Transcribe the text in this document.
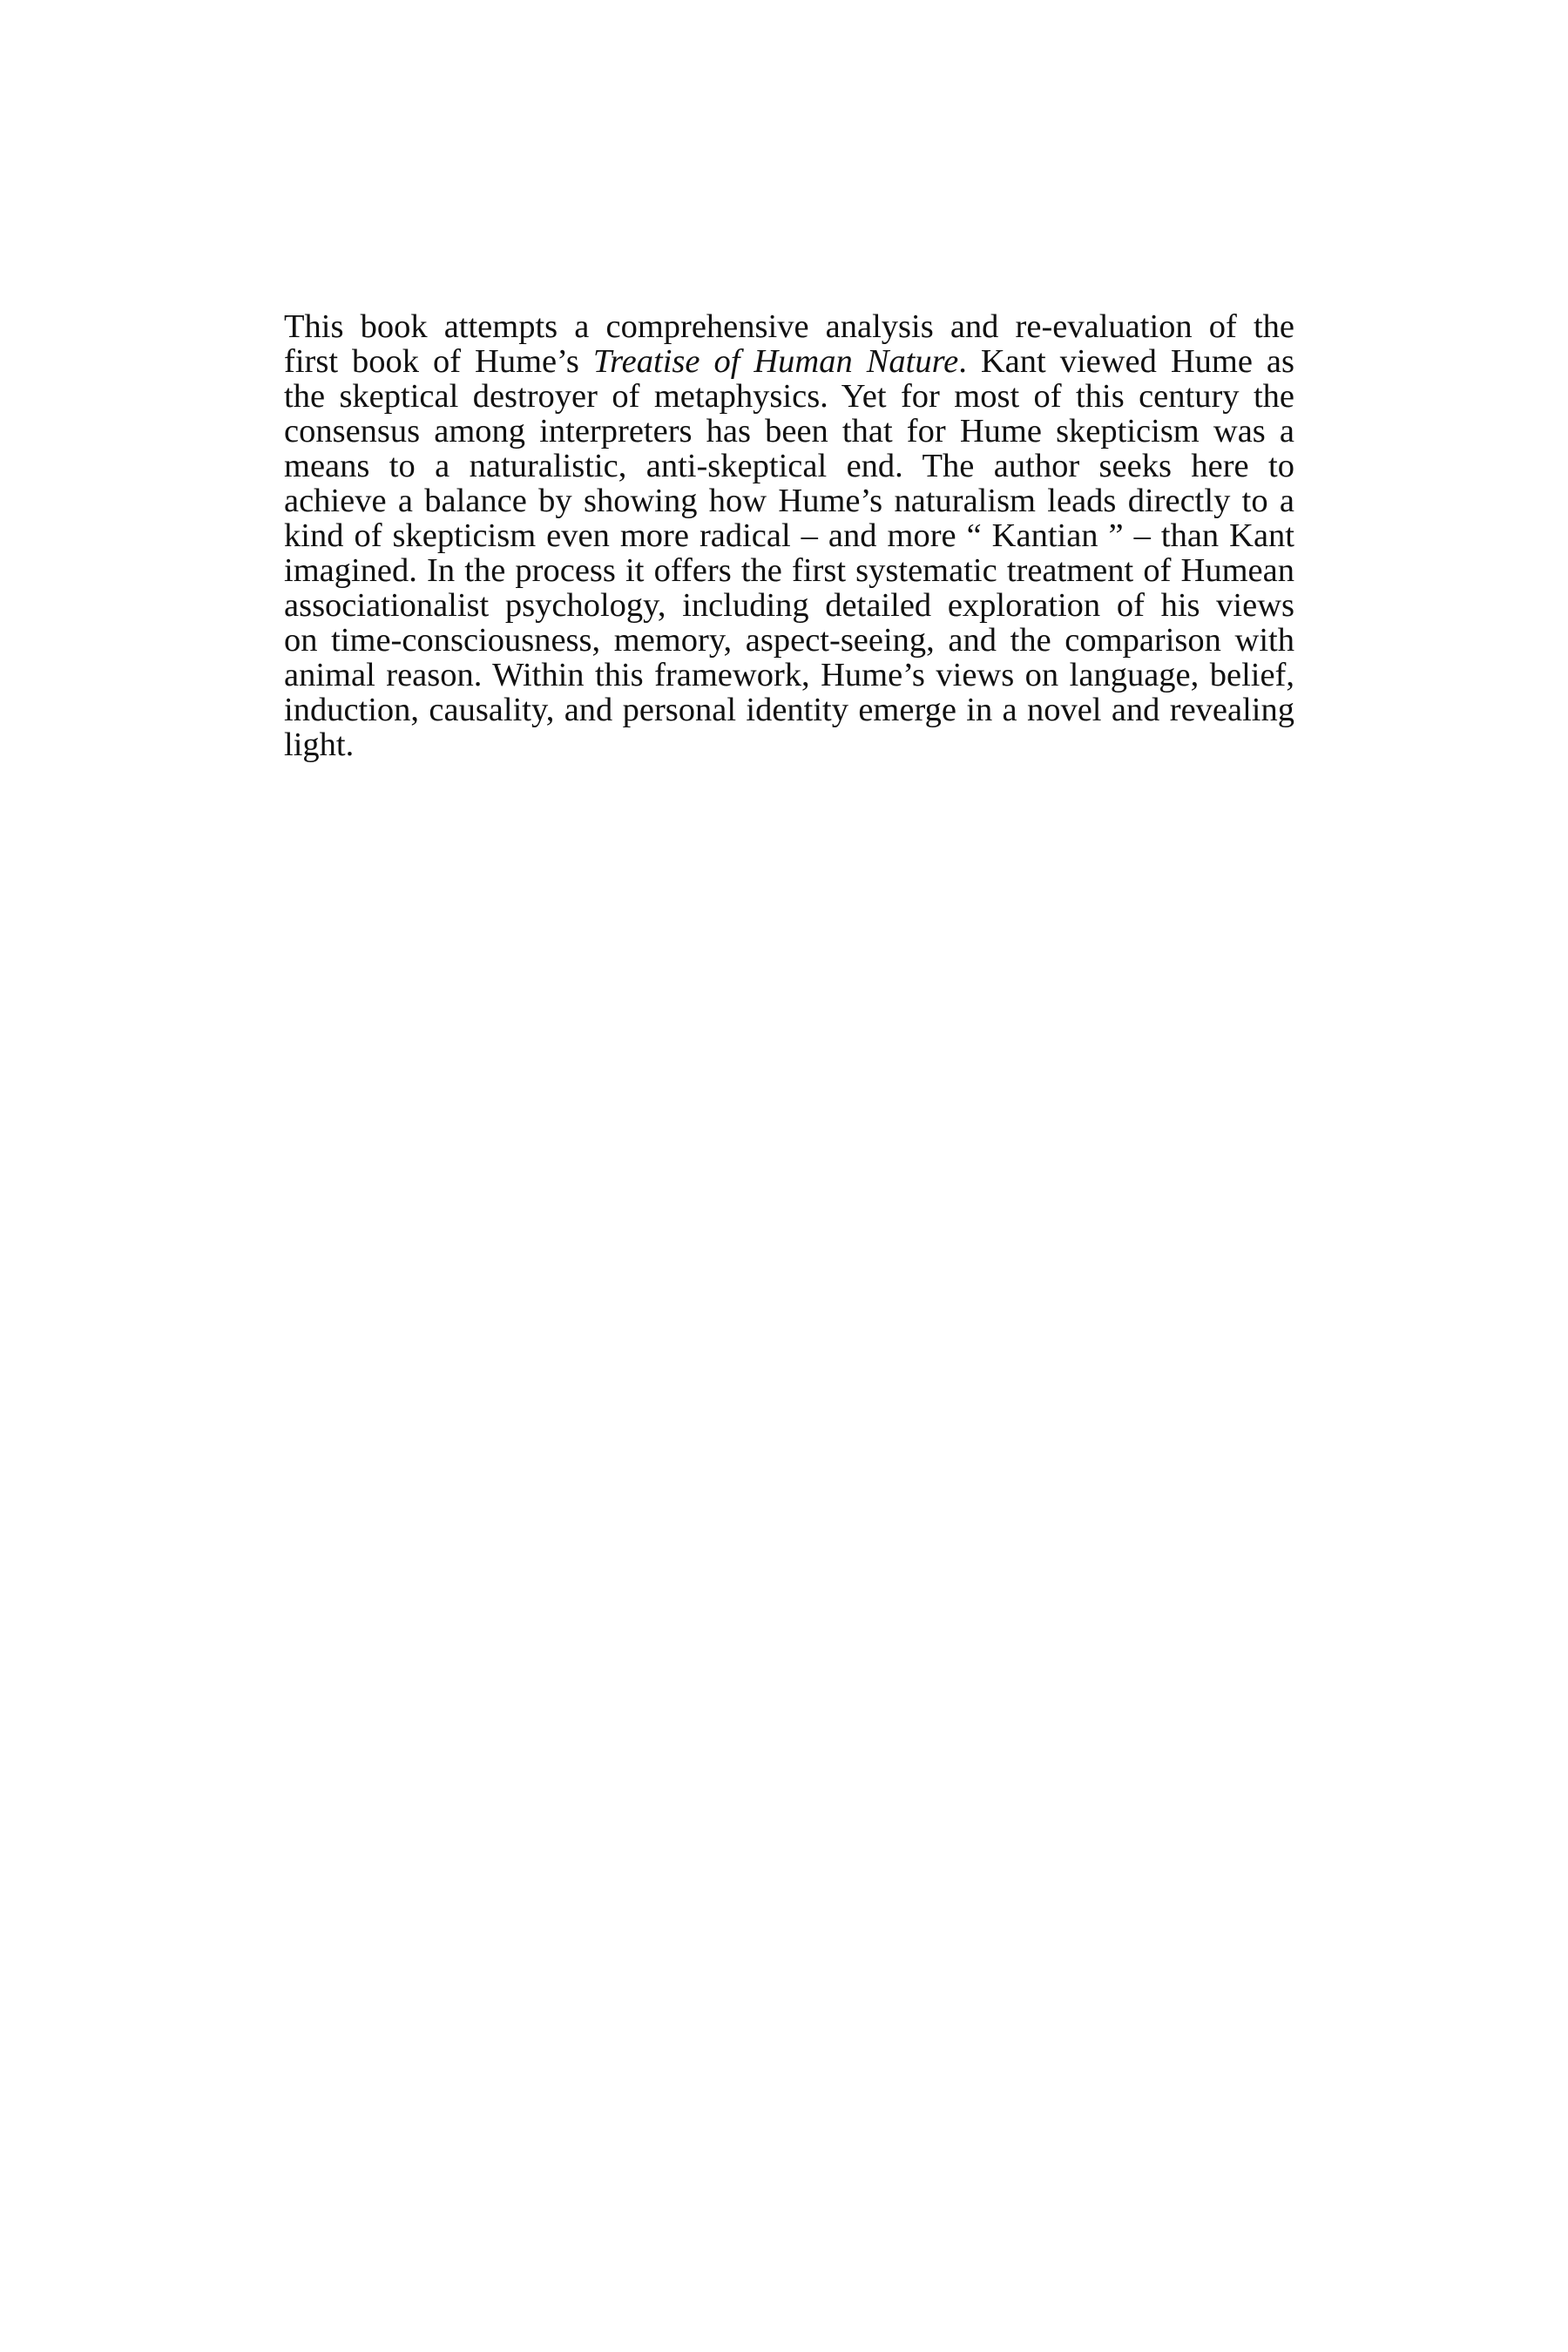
This book attempts a comprehensive analysis and re-evaluation of the
first book of Hume’s Treatise of Human Nature. Kant viewed Hume as
the skeptical destroyer of metaphysics. Yet for most of this century the
consensus among interpreters has been that for Hume skepticism was a
means to a naturalistic, anti-skeptical end. The author seeks here to
achieve a balance by showing how Hume’s naturalism leads directly to a
kind of skepticism even more radical – and more “ Kantian ” – than Kant
imagined. In the process it offers the first systematic treatment of Humean
associationalist psychology, including detailed exploration of his views
on time-consciousness, memory, aspect-seeing, and the comparison with
animal reason. Within this framework, Hume’s views on language, belief,
induction, causality, and personal identity emerge in a novel and revealing
light.
